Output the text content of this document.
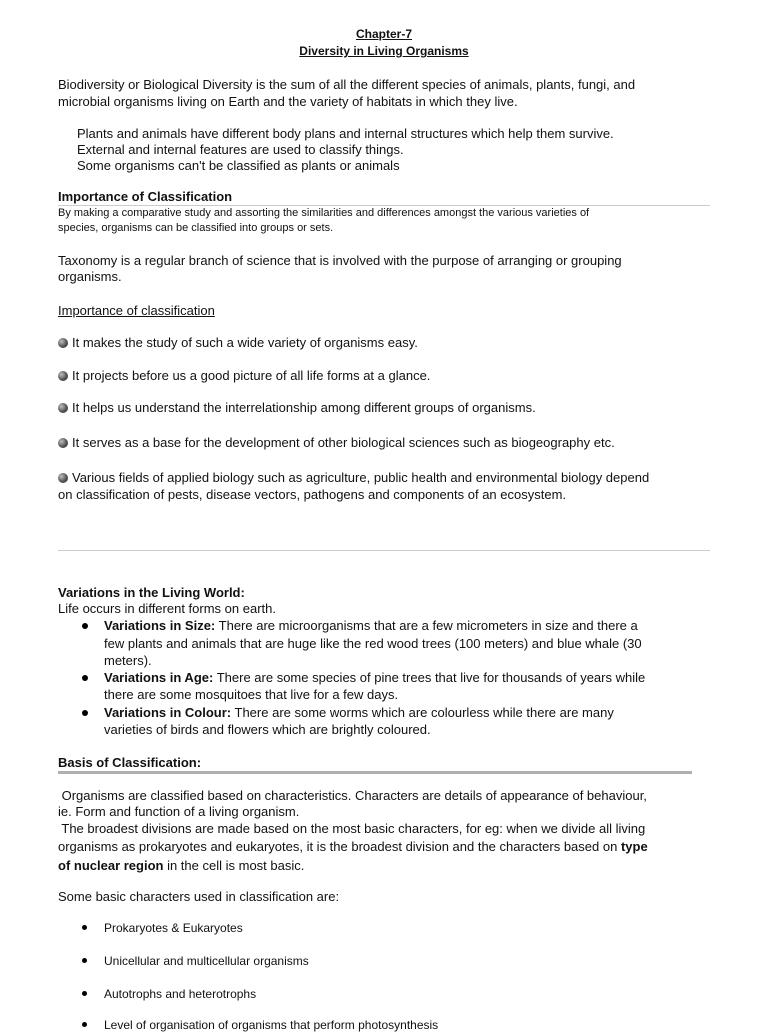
Chapter-7
Diversity in Living Organisms
Biodiversity or Biological Diversity is the sum of all the different species of animals, plants, fungi, and
microbial organisms living on Earth and the variety of habitats in which they live.
Plants and animals have different body plans and internal structures which help them survive.
External and internal features are used to classify things.
Some organisms can't be classified as plants or animals
Importance of Classification
By making a comparative study and assorting the similarities and differences amongst the various varieties of
species, organisms can be classified into groups or sets.
Taxonomy is a regular branch of science that is involved with the purpose of arranging or grouping
organisms.
Importance of classification
It makes the study of such a wide variety of organisms easy.
It projects before us a good picture of all life forms at a glance.
It helps us understand the interrelationship among different groups of organisms.
It serves as a base for the development of other biological sciences such as biogeography etc.
Various fields of applied biology such as agriculture, public health and environmental biology depend
on classification of pests, disease vectors, pathogens and components of an ecosystem.
Variations in the Living World:
Life occurs in different forms on earth.
Variations in Size: There are microorganisms that are a few micrometers in size and there a
few plants and animals that are huge like the red wood trees (100 meters) and blue whale (30
meters).
Variations in Age: There are some species of pine trees that live for thousands of years while
there are some mosquitoes that live for a few days.
Variations in Colour: There are some worms which are colourless while there are many
varieties of birds and flowers which are brightly coloured.
Basis of Classification:
Organisms are classified based on characteristics. Characters are details of appearance of behaviour,
ie. Form and function of a living organism.
The broadest divisions are made based on the most basic characters, for eg: when we divide all living
organisms as prokaryotes and eukaryotes, it is the broadest division and the characters based on type
of nuclear region in the cell is most basic.
Some basic characters used in classification are:
Prokaryotes & Eukaryotes
Unicellular and multicellular organisms
Autotrophs and heterotrophs
Level of organisation of organisms that perform photosynthesis
